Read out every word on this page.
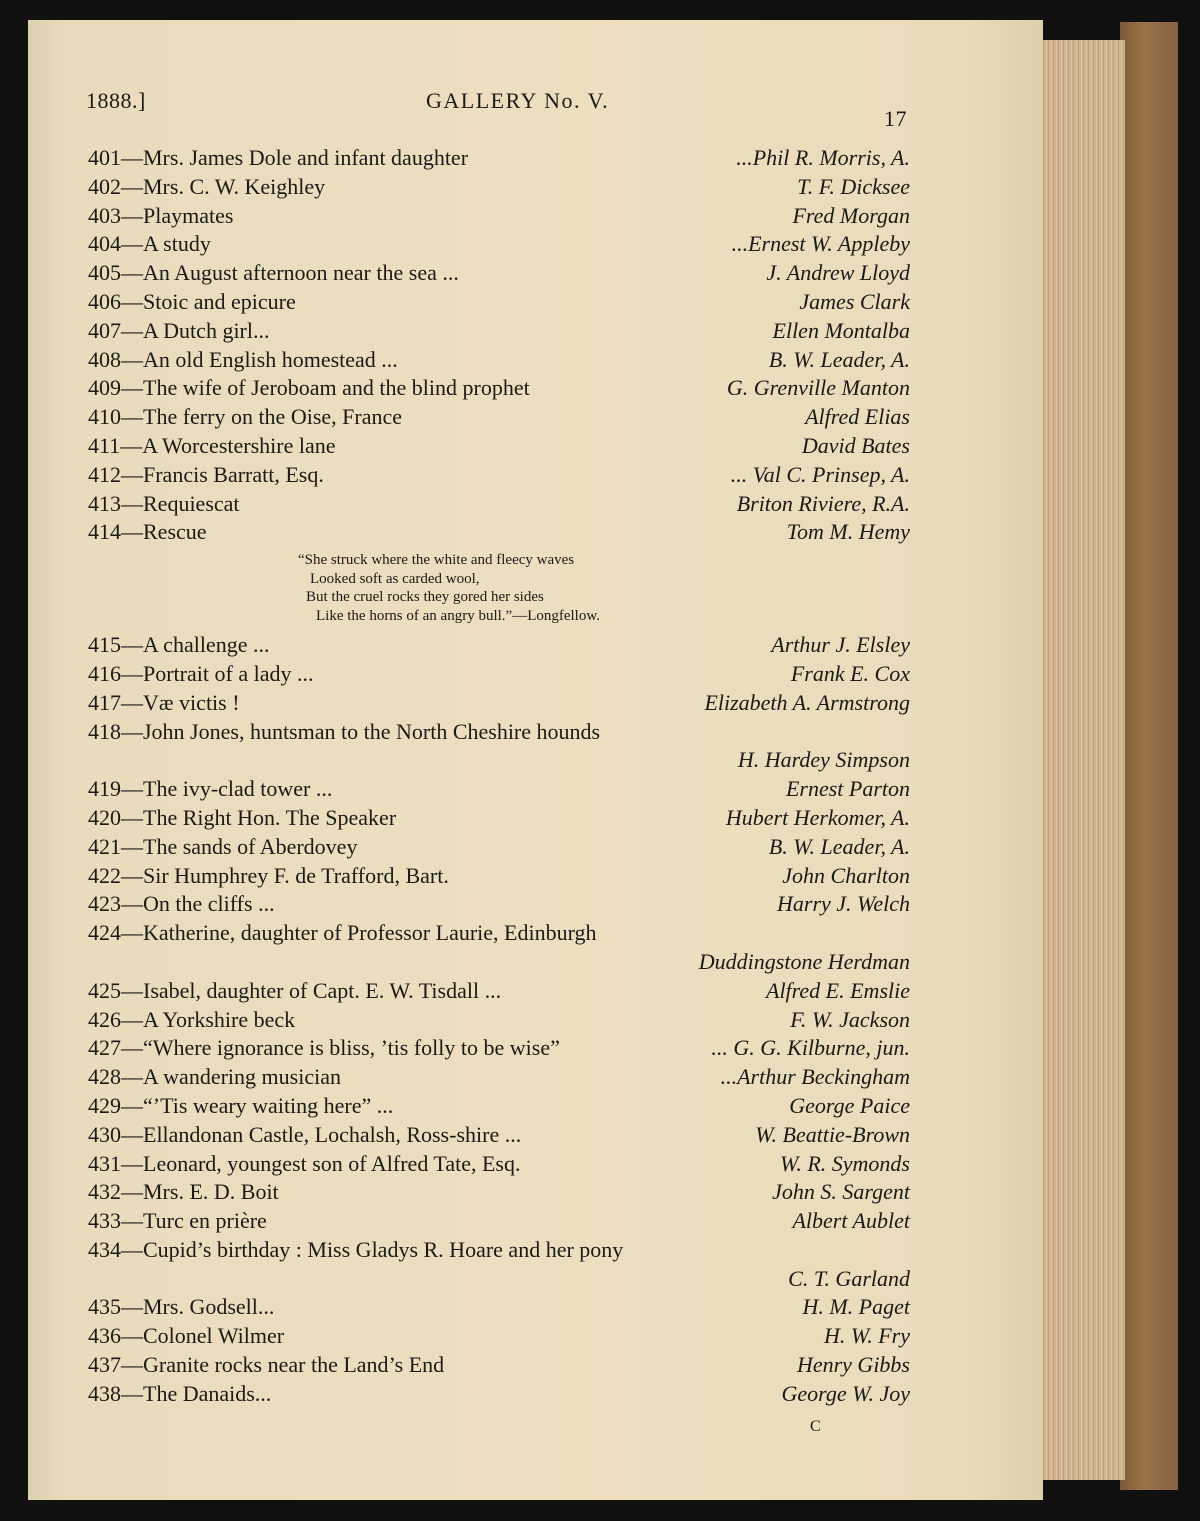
1888.]	GALLERY No. V.
17
401—Mrs. James Dole and infant daughter	...Phil R. Morris, A.
402—Mrs. C. W. Keighley	T. F. Dicksee
403—Playmates	Fred Morgan
404—A study	...Ernest W. Appleby
405—An August afternoon near the sea ...	J. Andrew Lloyd
406—Stoic and epicure	James Clark
407—A Dutch girl...	Ellen Montalba
408—An old English homestead ...	B. W. Leader, A.
409—The wife of Jeroboam and the blind prophet	G. Grenville Manton
410—The ferry on the Oise, France	Alfred Elias
411—A Worcestershire lane	David Bates
412—Francis Barratt, Esq.	... Val C. Prinsep, A.
413—Requiescat	Briton Riviere, R.A.
414—Rescue	Tom M. Hemy
“She struck where the white and fleecy waves
Looked soft as carded wool,
But the cruel rocks they gored her sides
Like the horns of an angry bull.”—Longfellow.
415—A challenge ...	Arthur J. Elsley
416—Portrait of a lady ...	Frank E. Cox
417—Væ victis !	Elizabeth A. Armstrong
418—John Jones, huntsman to the North Cheshire hounds
H. Hardey Simpson
419—The ivy-clad tower ...	Ernest Parton
420—The Right Hon. The Speaker	Hubert Herkomer, A.
421—The sands of Aberdovey	B. W. Leader, A.
422—Sir Humphrey F. de Trafford, Bart.	John Charlton
423—On the cliffs ...	Harry J. Welch
424—Katherine, daughter of Professor Laurie, Edinburgh
Duddingstone Herdman
425—Isabel, daughter of Capt. E. W. Tisdall ...	Alfred E. Emslie
426—A Yorkshire beck	F. W. Jackson
427—“Where ignorance is bliss, ’tis folly to be wise”	... G. G. Kilburne, jun.
428—A wandering musician	...Arthur Beckingham
429—“’Tis weary waiting here” ...	George Paice
430—Ellandonan Castle, Lochalsh, Ross-shire ...	W. Beattie-Brown
431—Leonard, youngest son of Alfred Tate, Esq.	W. R. Symonds
432—Mrs. E. D. Boit	John S. Sargent
433—Turc en prière	Albert Aublet
434—Cupid’s birthday : Miss Gladys R. Hoare and her pony
C. T. Garland
435—Mrs. Godsell...	H. M. Paget
436—Colonel Wilmer	H. W. Fry
437—Granite rocks near the Land’s End	Henry Gibbs
438—The Danaids...	George W. Joy
C
